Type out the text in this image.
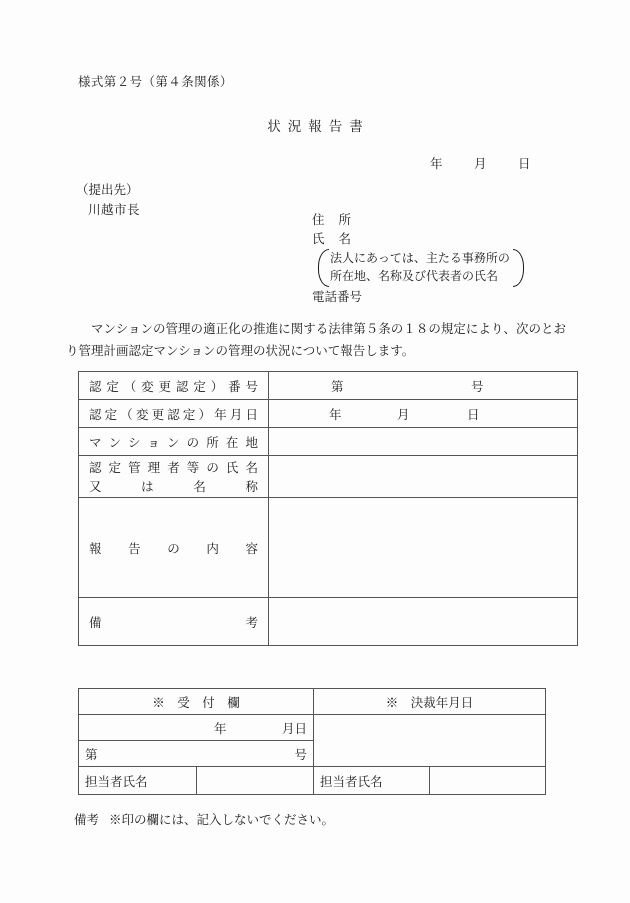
様式第２号（第４条関係）
状況報告書
年	月	日
（提出先）
川越市長
住所
氏名
法人にあっては、主たる事務所の
所在地、名称及び代表者の氏名
電話番号

マンションの管理の適正化の推進に関する法律第５条の１８の規定により、次のとおり管理計画認定マンションの管理の状況について報告します。

認定（変更認定）番号	第 号

認定（変更認定）年月日	年 月 日

マンションの所在地	

認定管理者等の氏名
又は名称	

報告の内容	

備考	

※　受　付　欄		※　決裁年月日	
年 月日			
第 号			

担当者氏名		担当者氏名	
備考 ※印の欄には、記入しないでください。
